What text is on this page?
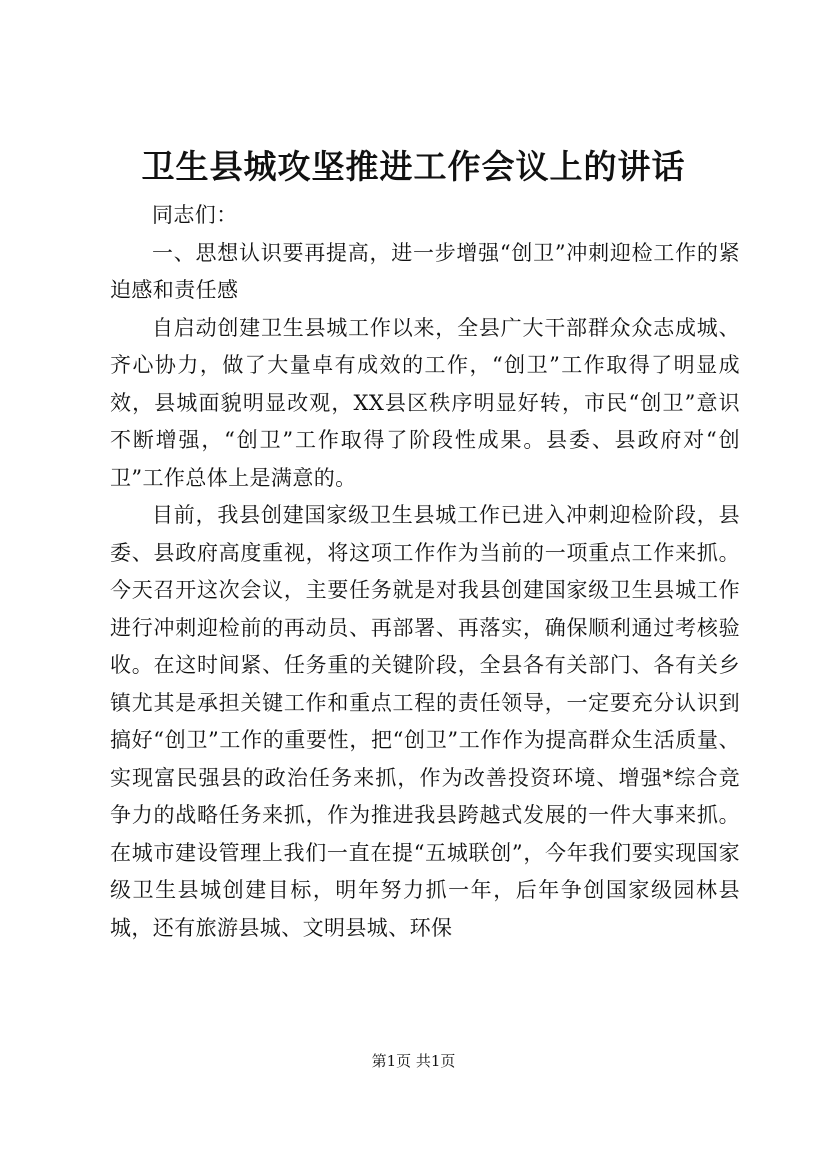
卫生县城攻坚推进工作会议上的讲话

同志们：

一、思想认识要再提高，进一步增强“创卫”冲刺迎检工作的紧迫感和责任感

自启动创建卫生县城工作以来，全县广大干部群众众志成城、齐心协力，做了大量卓有成效的工作，“创卫”工作取得了明显成效，县城面貌明显改观，XX县区秩序明显好转，市民“创卫”意识不断增强，“创卫”工作取得了阶段性成果。县委、县政府对“创卫”工作总体上是满意的。

目前，我县创建国家级卫生县城工作已进入冲刺迎检阶段，县委、县政府高度重视，将这项工作作为当前的一项重点工作来抓。今天召开这次会议，主要任务就是对我县创建国家级卫生县城工作进行冲刺迎检前的再动员、再部署、再落实，确保顺利通过考核验收。在这时间紧、任务重的关键阶段，全县各有关部门、各有关乡镇尤其是承担关键工作和重点工程的责任领导，一定要充分认识到搞好“创卫”工作的重要性，把“创卫”工作作为提高群众生活质量、实现富民强县的政治任务来抓，作为改善投资环境、增强*综合竞争力的战略任务来抓，作为推进我县跨越式发展的一件大事来抓。在城市建设管理上我们一直在提“五城联创”，今年我们要实现国家级卫生县城创建目标，明年努力抓一年，后年争创国家级园林县城，还有旅游县城、文明县城、环保

第1页 共1页
